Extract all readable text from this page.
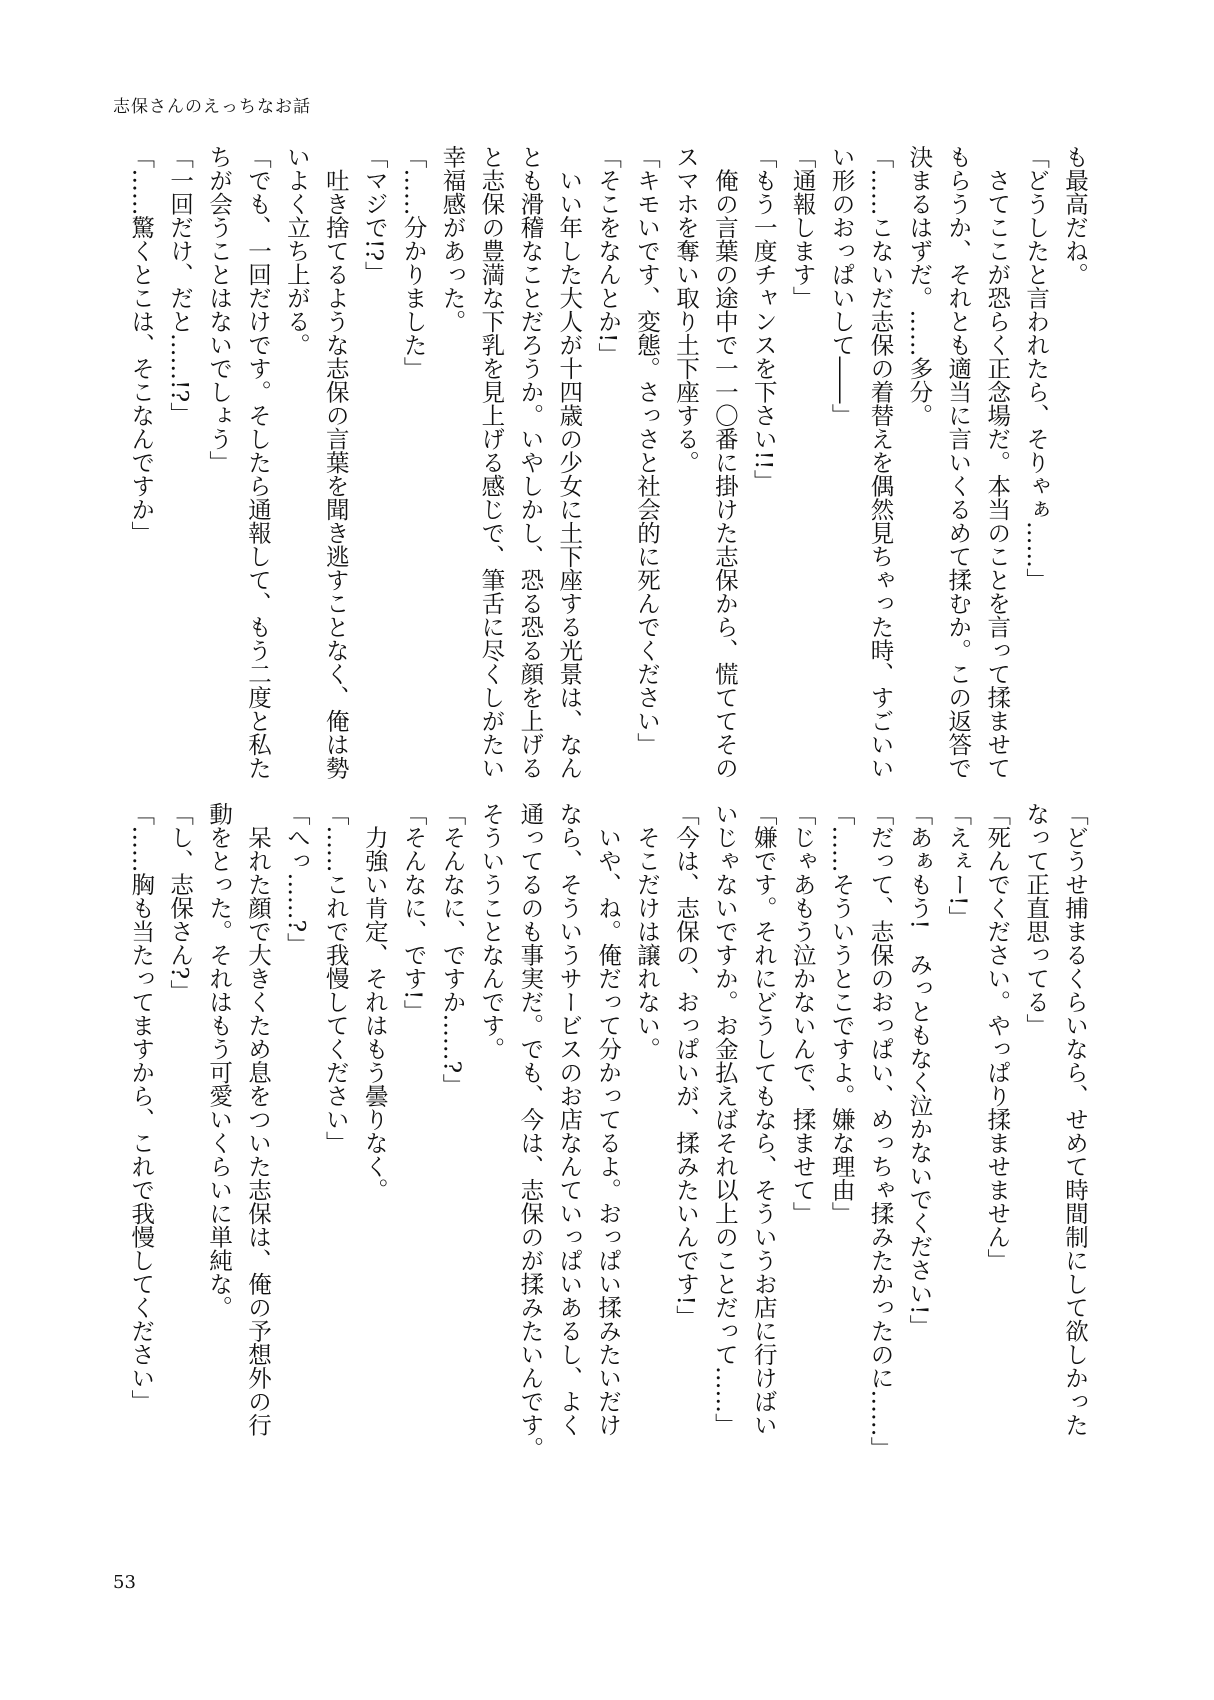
志保さんのえっちなお話
も最高だね。
「どうしたと言われたら、そりゃぁ……」
　さてここが恐らく正念場だ。本当のことを言って揉ませて
もらうか、それとも適当に言いくるめて揉むか。この返答で
決まるはずだ。……多分。
「……こないだ志保の着替えを偶然見ちゃった時、すごいい
い形のおっぱいして――」
「通報します」
「もう一度チャンスを下さい!!」
　俺の言葉の途中で一一〇番に掛けた志保から、慌ててその
スマホを奪い取り土下座する。
「キモいです、変態。さっさと社会的に死んでください」
「そこをなんとか!」
　いい年した大人が十四歳の少女に土下座する光景は、なん
とも滑稽なことだろうか。いやしかし、恐る恐る顔を上げる
と志保の豊満な下乳を見上げる感じで、筆舌に尽くしがたい
幸福感があった。
「……分かりました」
「マジで!?」
　吐き捨てるような志保の言葉を聞き逃すことなく、俺は勢
いよく立ち上がる。
「でも、一回だけです。そしたら通報して、もう二度と私た
ちが会うことはないでしょう」
「一回だけ、だと……!?」
「……驚くとこは、そこなんですか」
「どうせ捕まるくらいなら、せめて時間制にして欲しかった
なって正直思ってる」
「死んでください。やっぱり揉ませません」
「えぇー!」
「あぁもう!　みっともなく泣かないでください!」
「だって、志保のおっぱい、めっちゃ揉みたかったのに……」
「……そういうとこですよ。嫌な理由」
「じゃあもう泣かないんで、揉ませて」
「嫌です。それにどうしてもなら、そういうお店に行けばい
いじゃないですか。お金払えばそれ以上のことだって……」
「今は、志保の、おっぱいが、揉みたいんです!」
　そこだけは譲れない。
　いや、ね。俺だって分かってるよ。おっぱい揉みたいだけ
なら、そういうサービスのお店なんていっぱいあるし、よく
通ってるのも事実だ。でも、今は、志保のが揉みたいんです。
そういうことなんです。
「そんなに、ですか……?」
「そんなに、です!」
　力強い肯定、それはもう曇りなく。
「……これで我慢してください」
「へっ……?」
　呆れた顔で大きくため息をついた志保は、俺の予想外の行
動をとった。それはもう可愛いくらいに単純な。
「し、志保さん?」
「……胸も当たってますから、これで我慢してください」
53
